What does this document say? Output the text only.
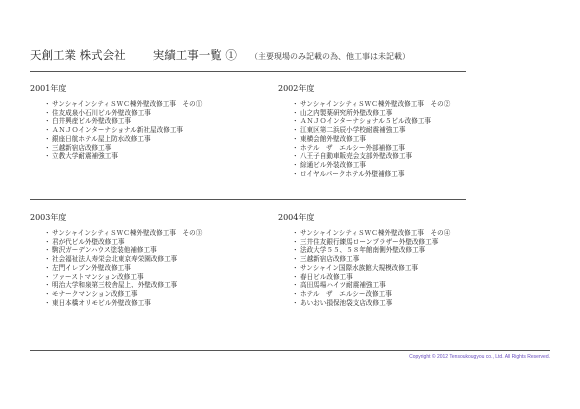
天創工業 株式会社 実績工事一覧 ① （主要現場のみ記載の為、他工事は未記載）
2001年度
・サンシャインシティＳＷＣ棟外壁改修工事　その①
・住友成泉小石川ビル外壁改修工事
・白井興産ビル外壁改修工事
・ＡＮＪＯインターナショナル新社屋改修工事
・銀座日航ホテル屋上防水改修工事
・三越新宿店改修工事
・立教大学耐震補強工事
2002年度
・サンシャインシティＳＷＣ棟外壁改修工事　その②
・山之内製薬研究所外壁改修工事
・ＡＮＪＯインターナショナル５ビル改修工事
・江東区第二浜辰小学校耐震補強工事
・東横会館外壁改修工事
・ホテル　ザ　エルシー外部補修工事
・八王子自動車販売会支部外壁改修工事
・綜通ビル外装改修工事
・ロイヤルパークホテル外壁補修工事
2003年度
・サンシャインシティＳＷＣ棟外壁改修工事　その③
・君が代ビル外壁改修工事
・駒沢ガーデンハウス塗装他補修工事
・社会福祉法人寿栄会北東京寿栄園改修工事
・左門イレブン外壁改修工事
・ファーストマンション改修工事
・明治大学和泉第三校舎屋上、外壁改修工事
・モナークマンション改修工事
・東日本橋オリモビル外壁改修工事
2004年度
・サンシャインシティＳＷＣ棟外壁改修工事　その④
・三井住友銀行練馬ローンプラザー外壁改修工事
・法政大学５５、５８年館南側外壁改修工事
・三越新宿店改修工事
・サンシャイン国際水族館大規模改修工事
・春日ビル改修工事
・高田馬場ハイツ耐震補強工事
・ホテル　ザ　エルシー改修工事
・あいおい損保池袋支店改修工事
Copyright © 2012 Tensoukougyou co., Ltd. All Rights Reserved.
